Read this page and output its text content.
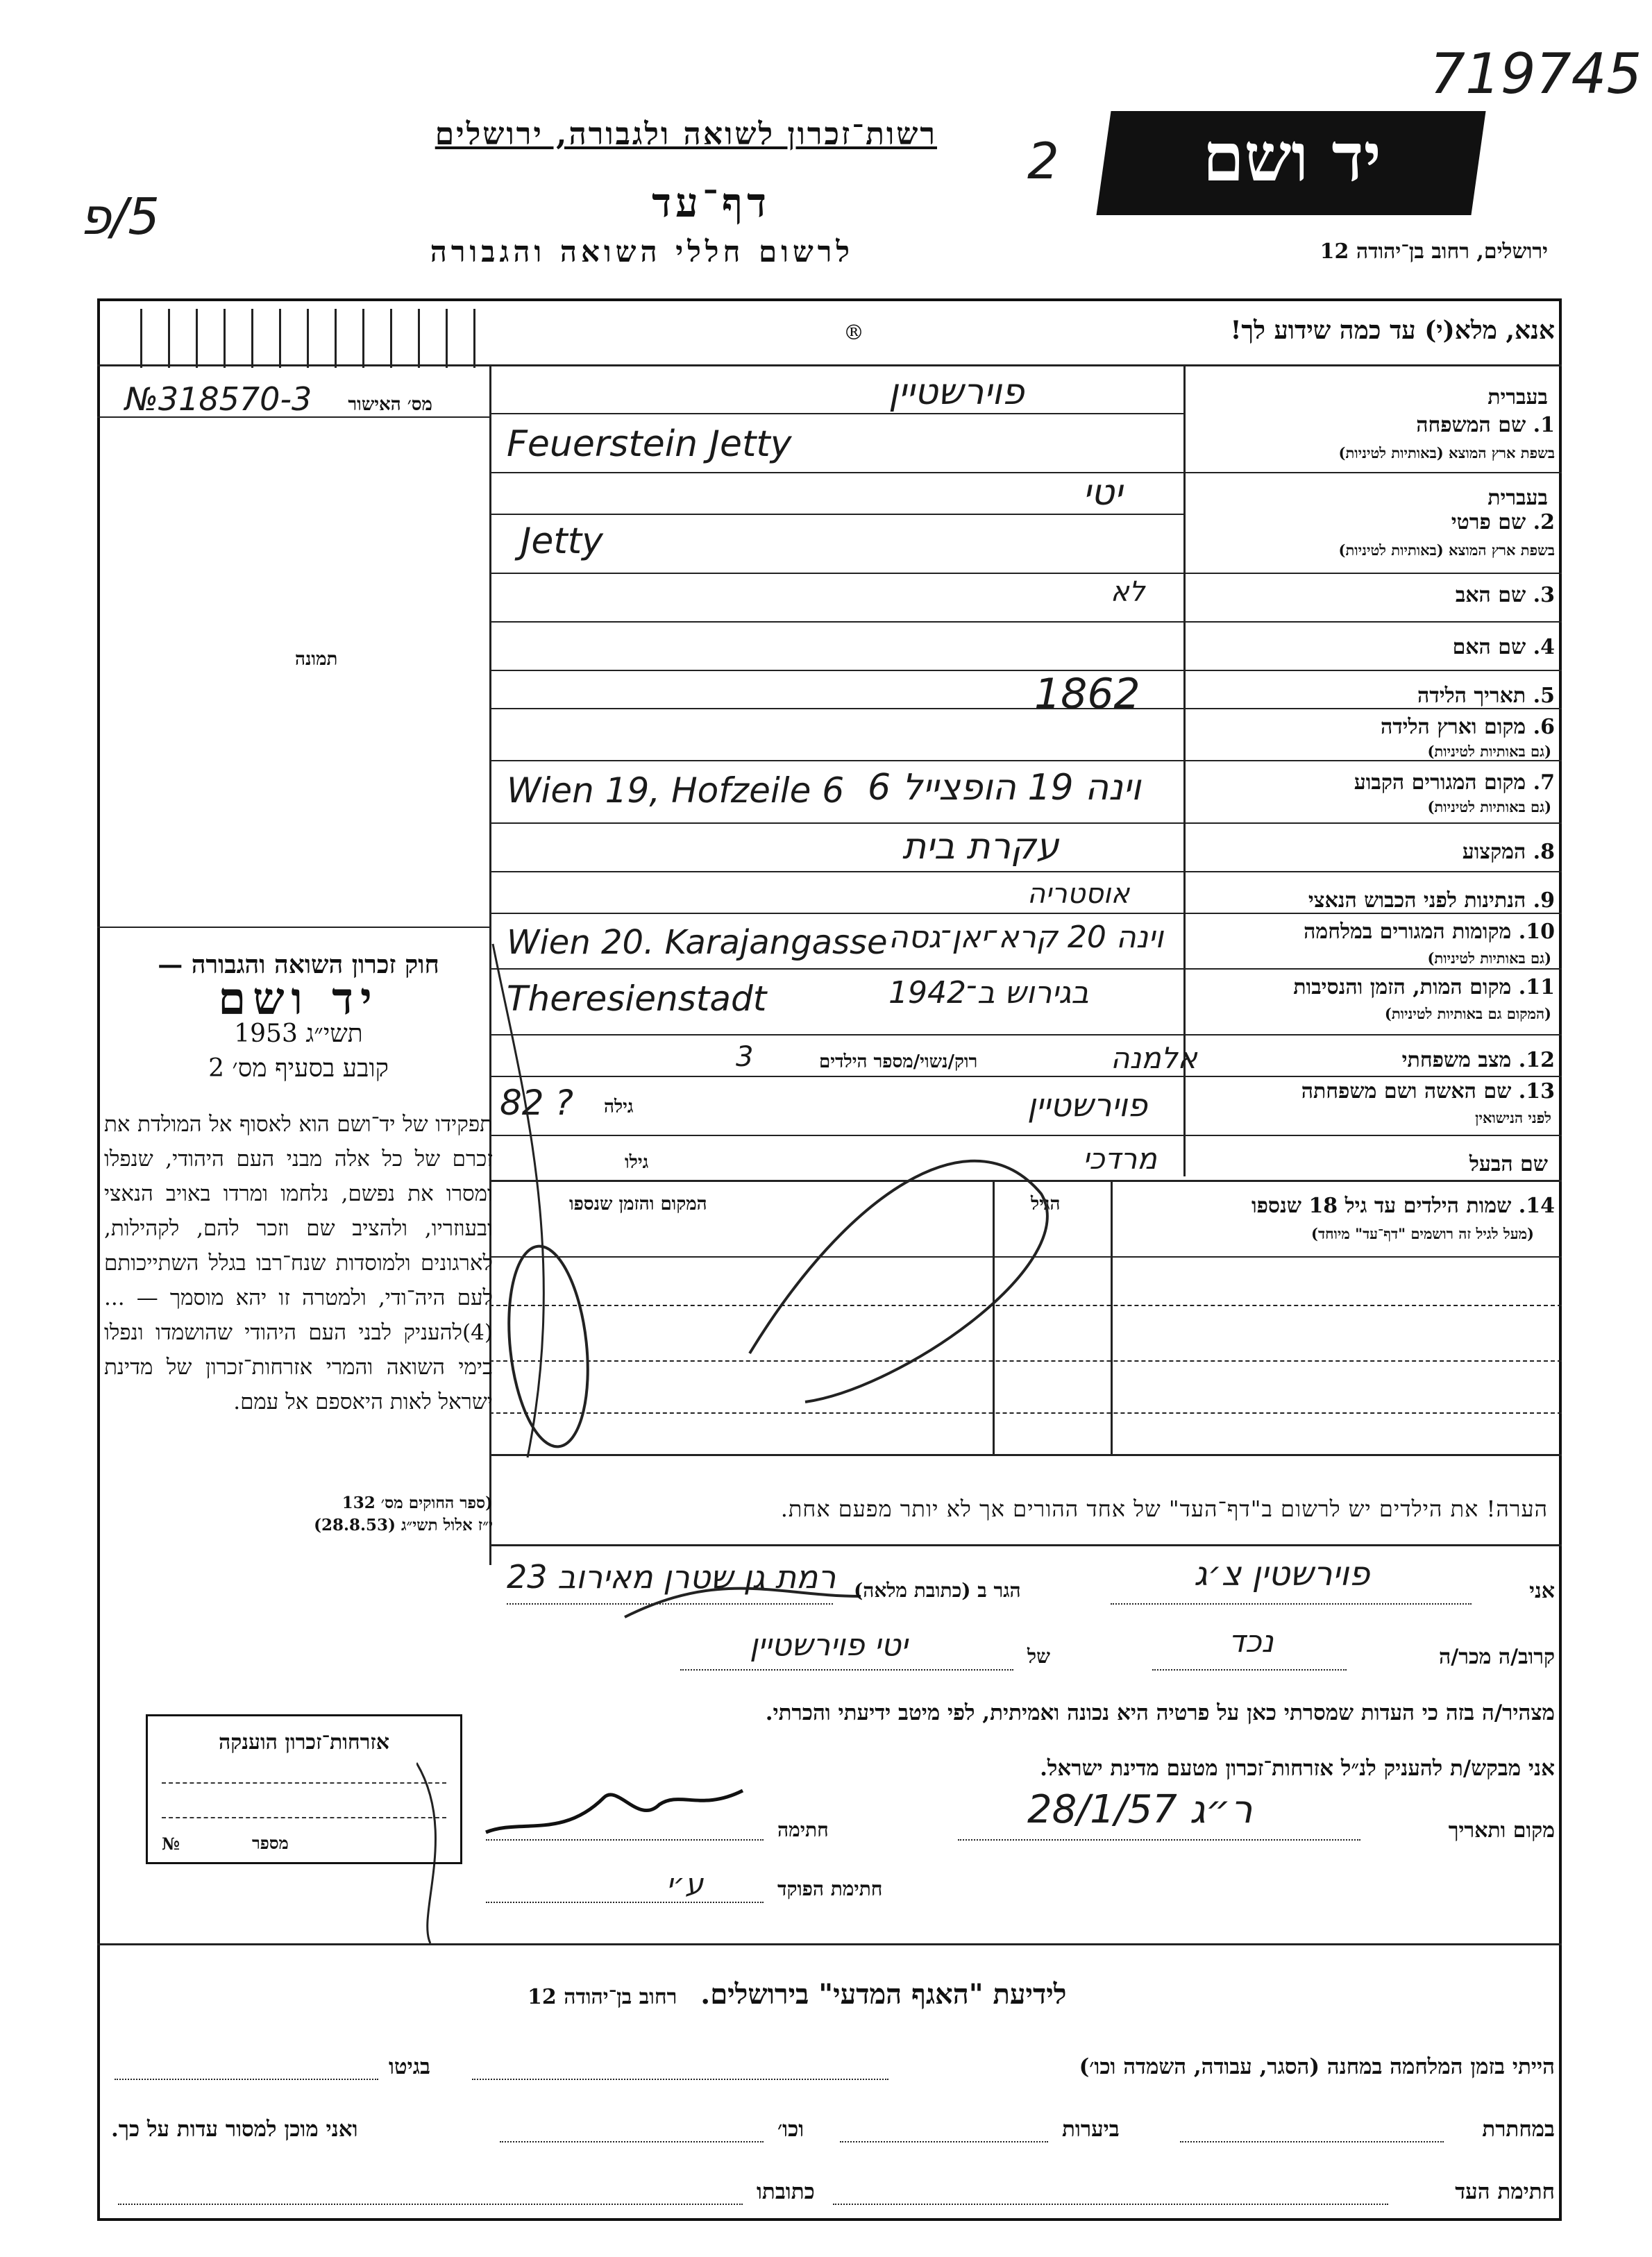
719745
2
5/פ
רשות־זכרון לשואה ולגבורה, ירושלים
דף־עד
לרשום חללי השואה והגבורה
יד ושם
ירושלים, רחוב בן־יהודה 12
אנא, מלא(י) עד כמה שידוע לך!
®
№318570-3 מס׳ האישור
תמונה
חוק זכרון השואה והגבורה —
יד ושם
תשי״ג 1953
קובע בסעיף מס׳ 2
תפקידו של יד־ושם הוא לאסוף אל המולדת את זכרם של כל אלה מבני העם היהודי, שנפלו ומסרו את נפשם, נלחמו ומרדו באויב הנאצי ובעוזריו, ולהציב שם וזכר להם, לקהילות, לארגונים ולמוסדות שנח־רבו בגלל השתייכותם לעם היה־ודי, ולמטרה זו יהא מוסמך — ...(4)להעניק לבני העם היהודי שהושמדו ונפלו בימי השואה והמרי אזרחות־זכרון של מדינת ישראל לאות היאספם אל עמם.
(ספר החוקים מס׳ 132
י״ז אלול תשי״ג (28.8.53)
בעברית
1. שם המשפחה
בשפת ארץ המוצא (באותיות לטיניות)
בעברית
2. שם פרטי
בשפת ארץ המוצא (באותיות לטיניות)
3. שם האב
4. שם האם
5. תאריך הלידה
6. מקום וארץ הלידה
(גם באותיות לטיניות)
7. מקום המגורים הקבוע
(גם באותיות לטיניות)
8. המקצוע
9. הנתינות לפני הכבוש הנאצי
10. מקומות המגורים במלחמה
(גם באותיות לטיניות)
11. מקום המות, הזמן והנסיבות
(המקום גם באותיות לטיניות)
12. מצב משפחתי
13. שם האשה ושם משפחתה
לפני הנישואין
שם הבעל
פוירשטיין
Feuerstein Jetty
יטי
Jetty
לא
1862
Wien 19, Hofzeile 6 וינה 19 הופצייל 6
עקרת בית
אוסטריה
Wien 20. Karajangasse וינה 20 קרא־יאן־גסה
Theresienstadt	בגירוש ב־1942
אלמנה
רוק/נשוי/מספר הילדים
3
פוירשטיין
גילה
82 ?
מרדכי
גילו
14. שמות הילדים עד גיל 18 שנספו
(מעל לגיל זה רושמים "דף־עד" מיוחד)
הגיל
המקום והזמן שנספו
הערה! את הילדים יש לרשום ב"דף־העד" של אחד ההורים אך לא יותר מפעם אחת.
אני
פוירשטין צ׳ג
הגר ב (כתובת מלאה)
רמת גן שטרן מאירוב 23
קרוב/ה מכר/ה
נכד
של
יטי פוירשטיין
מצהיר/ה בזה כי העדות שמסרתי כאן על פרטיה היא נכונה ואמיתית, לפי מיטב ידיעתי והכרתי.
אני מבקש/ת להעניק לנ״ל אזרחות־זכרון מטעם מדינת ישראל.
מקום ותאריך
ר״ג 28/1/57
חתימה
חתימת הפוקד
ע׳י
אזרחות־זכרון הוענקה
№	מספר
לידיעת "האגף המדעי" בירושלים. רחוב בן־יהודה 12
הייתי בזמן המלחמה במחנה (הסגר, עבודה, השמדה וכו׳)
בגיטו
במחתרת
ביערות
וכו׳
ואני מוכן למסור עדות על כך.
חתימת העד
כתובתו
